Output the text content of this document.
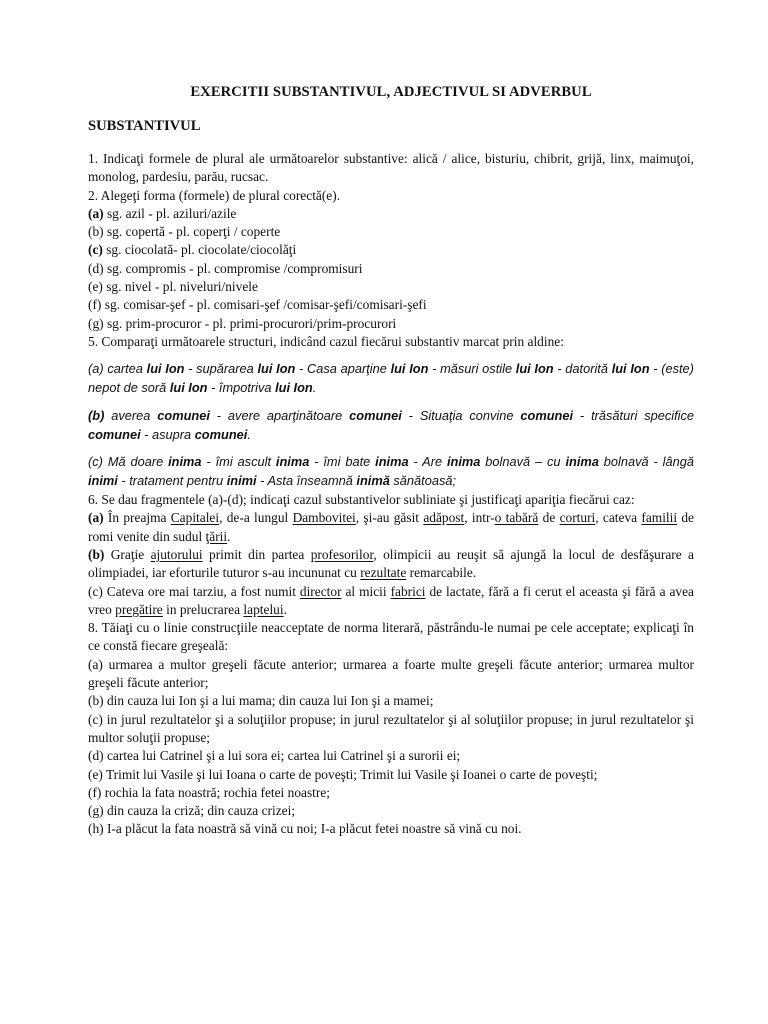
EXERCITII SUBSTANTIVUL, ADJECTIVUL SI ADVERBUL
SUBSTANTIVUL

1. Indicaţi formele de plural ale următoarelor substantive: alică / alice, bisturiu, chibrit, grijă, linx, maimuţoi, monolog, pardesiu, parău, rucsac.

2. Alegeţi forma (formele) de plural corectă(e).

(a) sg. azil - pl. aziluri/azile

(b) sg. copertă - pl. coperţi / coperte

(c) sg. ciocolată- pl. ciocolate/ciocolăţi

(d) sg. compromis - pl. compromise /compromisuri

(e) sg. nivel - pl. niveluri/nivele

(f) sg. comisar-şef - pl. comisari-şef /comisar-şefi/comisari-şefi

(g) sg. prim-procuror - pl. primi-procurori/prim-procurori

5. Comparaţi următoarele structuri, indicând cazul fiecărui substantiv marcat prin aldine:

(a) cartea lui Ion - supărarea lui Ion - Casa aparţine lui Ion - măsuri ostile lui Ion - datorită lui Ion - (este) nepot de soră lui Ion - împotriva lui Ion.

(b) averea comunei - avere aparţinătoare comunei - Situaţia convine comunei - trăsături specifice comunei - asupra comunei.

(c) Mă doare inima - îmi ascult inima - îmi bate inima - Are inima bolnavă – cu inima bolnavă - lângă inimi - tratament pentru inimi - Asta înseamnă inimă sănătoasă;

6. Se dau fragmentele (a)-(d); indicaţi cazul substantivelor subliniate şi justificaţi apariţia fiecărui caz:

(a) În preajma Capitalei, de-a lungul Dambovitei, şi-au găsit adăpost, intr-o tabără de corturi, cateva familii de romi venite din sudul ţării.

(b) Graţie ajutorului primit din partea profesorilor, olimpicii au reuşit să ajungă la locul de desfăşurare a olimpiadei, iar eforturile tuturor s-au incununat cu rezultate remarcabile.

(c) Cateva ore mai tarziu, a fost numit director al micii fabrici de lactate, fără a fi cerut el aceasta şi fără a avea vreo pregătire in prelucrarea laptelui.

8. Tăiaţi cu o linie construcţiile neacceptate de norma literară, păstrându-le numai pe cele acceptate; explicaţi în ce constă fiecare greşeală:

(a) urmarea a multor greşeli făcute anterior; urmarea a foarte multe greşeli făcute anterior; urmarea multor greşeli făcute anterior;

(b) din cauza lui Ion şi a lui mama; din cauza lui Ion şi a mamei;

(c) in jurul rezultatelor şi a soluţiilor propuse; in jurul rezultatelor şi al soluţiilor propuse; in jurul rezultatelor şi multor soluţii propuse;

(d) cartea lui Catrinel şi a lui sora ei; cartea lui Catrinel şi a surorii ei;

(e) Trimit lui Vasile şi lui Ioana o carte de poveşti; Trimit lui Vasile şi Ioanei o carte de poveşti;

(f) rochia la fata noastră; rochia fetei noastre;

(g) din cauza la criză; din cauza crizei;

(h) I-a plăcut la fata noastră să vină cu noi; I-a plăcut fetei noastre să vină cu noi.
